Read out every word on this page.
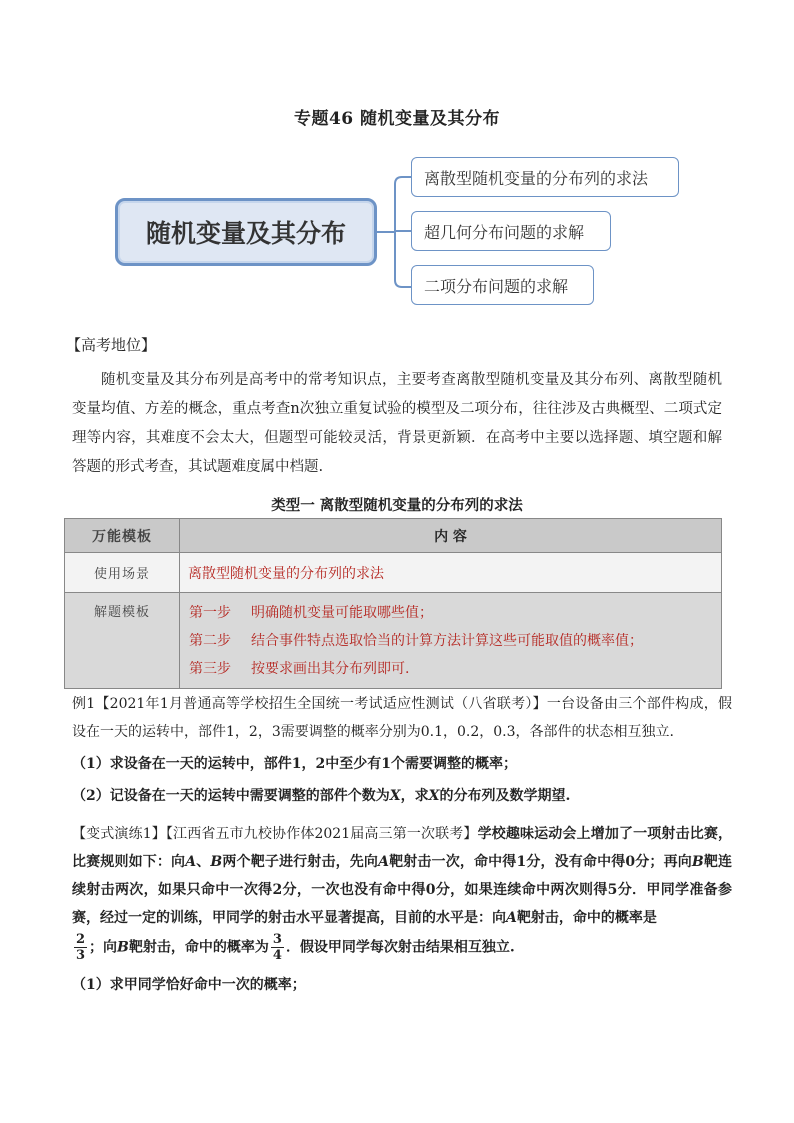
专题46 随机变量及其分布
随机变量及其分布
离散型随机变量的分布列的求法
超几何分布问题的求解
二项分布问题的求解
【高考地位】
随机变量及其分布列是高考中的常考知识点，主要考查离散型随机变量及其分布列、离散型随机变量均值、方差的概念，重点考查n次独立重复试验的模型及二项分布，往往涉及古典概型、二项式定理等内容，其难度不会太大，但题型可能较灵活，背景更新颖．在高考中主要以选择题、填空题和解答题的形式考查，其试题难度属中档题.
类型一 离散型随机变量的分布列的求法
万能模板	内 容
使用场景	离散型随机变量的分布列的求法
解题模板	第一步 明确随机变量可能取哪些值；
第二步 结合事件特点选取恰当的计算方法计算这些可能取值的概率值；
第三步 按要求画出其分布列即可.
例1【2021年1月普通高等学校招生全国统一考试适应性测试（八省联考）】一台设备由三个部件构成，假设在一天的运转中，部件1，2，3需要调整的概率分别为0.1，0.2，0.3，各部件的状态相互独立.
（1）求设备在一天的运转中，部件1，2中至少有1个需要调整的概率；
（2）记设备在一天的运转中需要调整的部件个数为X，求X的分布列及数学期望.
【变式演练1】【江西省五市九校协作体2021届高三第一次联考】学校趣味运动会上增加了一项射击比赛，比赛规则如下：向A、B两个靶子进行射击，先向A靶射击一次，命中得1分，没有命中得0分；再向B靶连续射击两次，如果只命中一次得2分，一次也没有命中得0分，如果连续命中两次则得5分．甲同学准备参赛，经过一定的训练，甲同学的射击水平显著提高，目前的水平是：向A靶射击，命中的概率是

$\frac{2}{3}$ ；向B靶射击，命中的概率为 $\frac{3}{4}$ ．假设甲同学每次射击结果相互独立.
（1）求甲同学恰好命中一次的概率；
